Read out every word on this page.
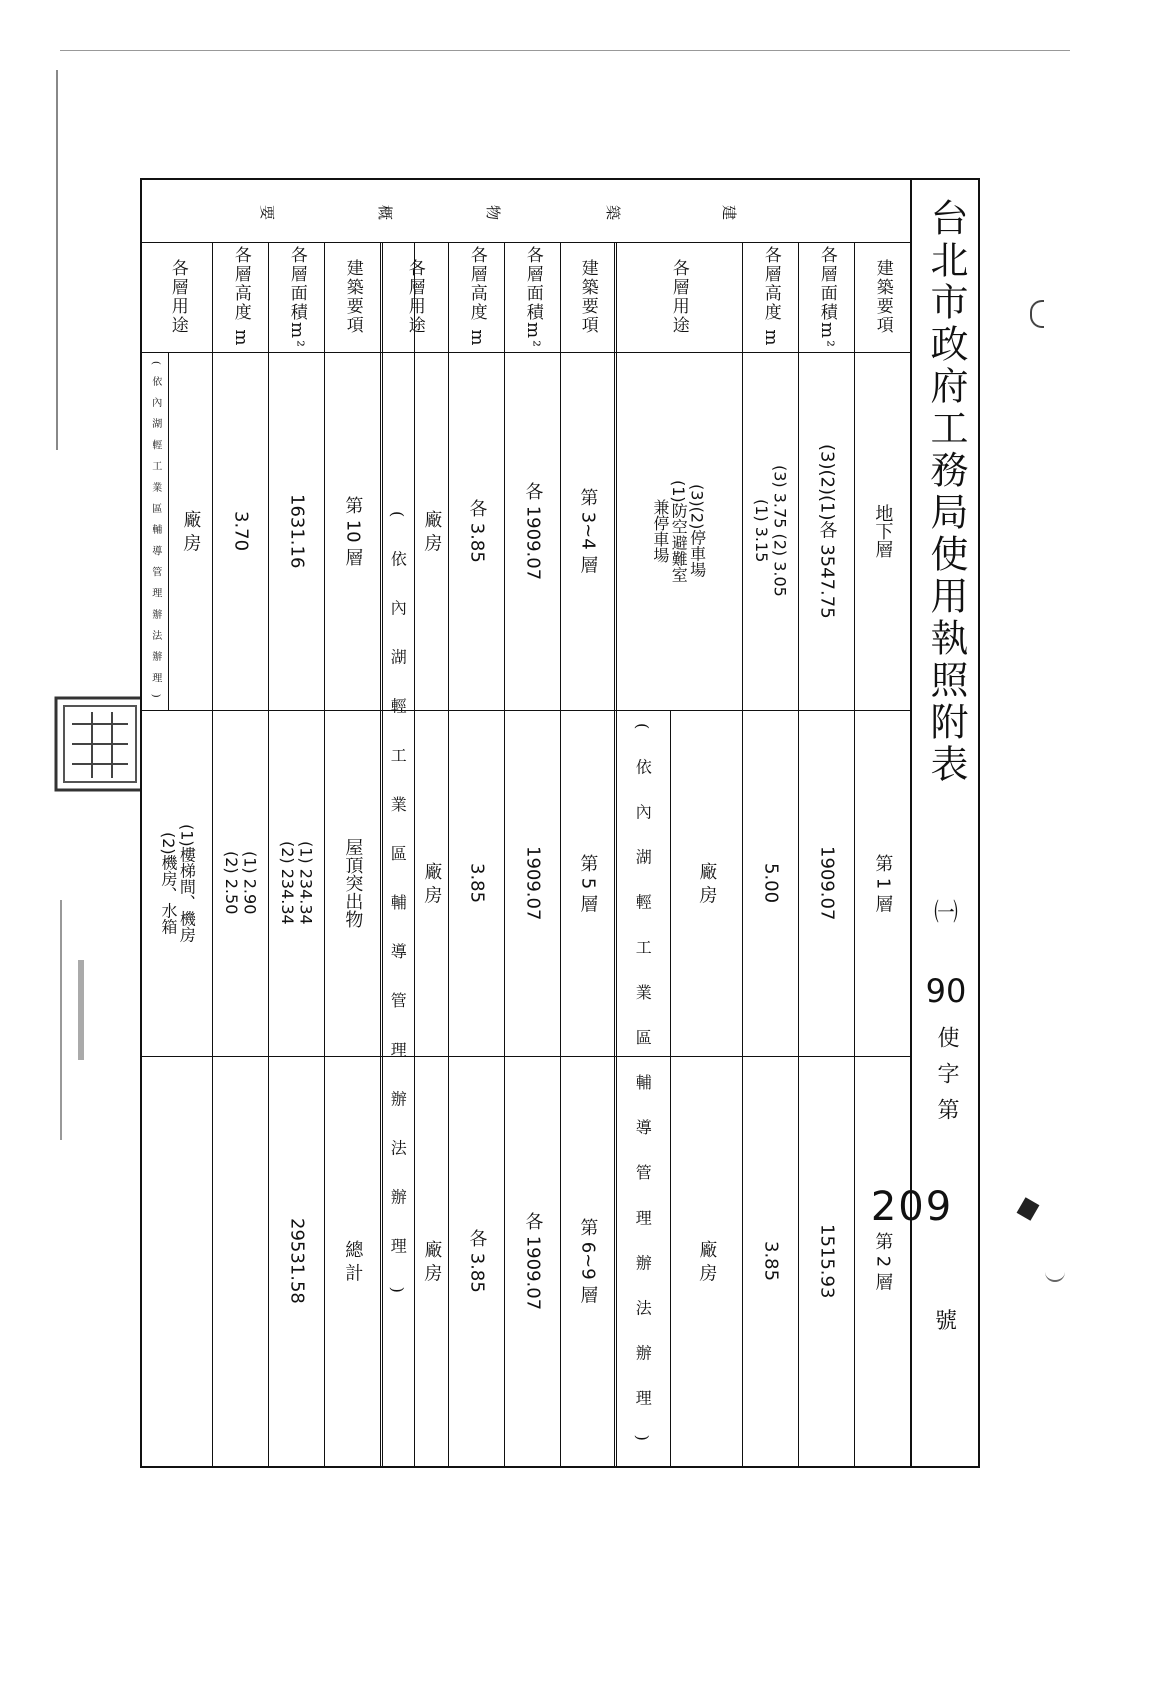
台北市政府工務局使用執照附表
㈠
90
使字第
209
號
建
築
物
概
要
建築要項
各層面積m²
各層高度 m
各層用途
地下層
第 1 層
第 2 層
(3)(2)(1)各 3547.75
1909.07
1515.93
(3) 3.75 (2) 3.05
(1) 3.15
5.00
3.85
(3)(2)停車場
(1)防空避難室
兼停車場
廠 房
廠 房
( 依 內 湖 輕 工 業 區 輔 導 管 理 辦 法 辦 理 )
建築要項
各層面積m²
各層高度 m
各層用途
第 3~4 層
第 5 層
第 6~9 層
各 1909.07
1909.07
各 1909.07
各 3.85
3.85
各 3.85
廠 房
廠 房
廠 房
( 依 內 湖 輕 工 業 區 輔 導 管 理 辦 法 辦 理 )
建築要項
各層面積m²
各層高度 m
各層用途
第 10 層
屋頂突出物
總 計
1631.16
(1) 234.34
(2) 234.34
29531.58
3.70
(1) 2.90
(2) 2.50
廠 房
( 依 內 湖 輕 工 業 區 輔 導 管 理 辦 法 辦 理 )
(1)樓梯間、機房
(2)機房、水箱
